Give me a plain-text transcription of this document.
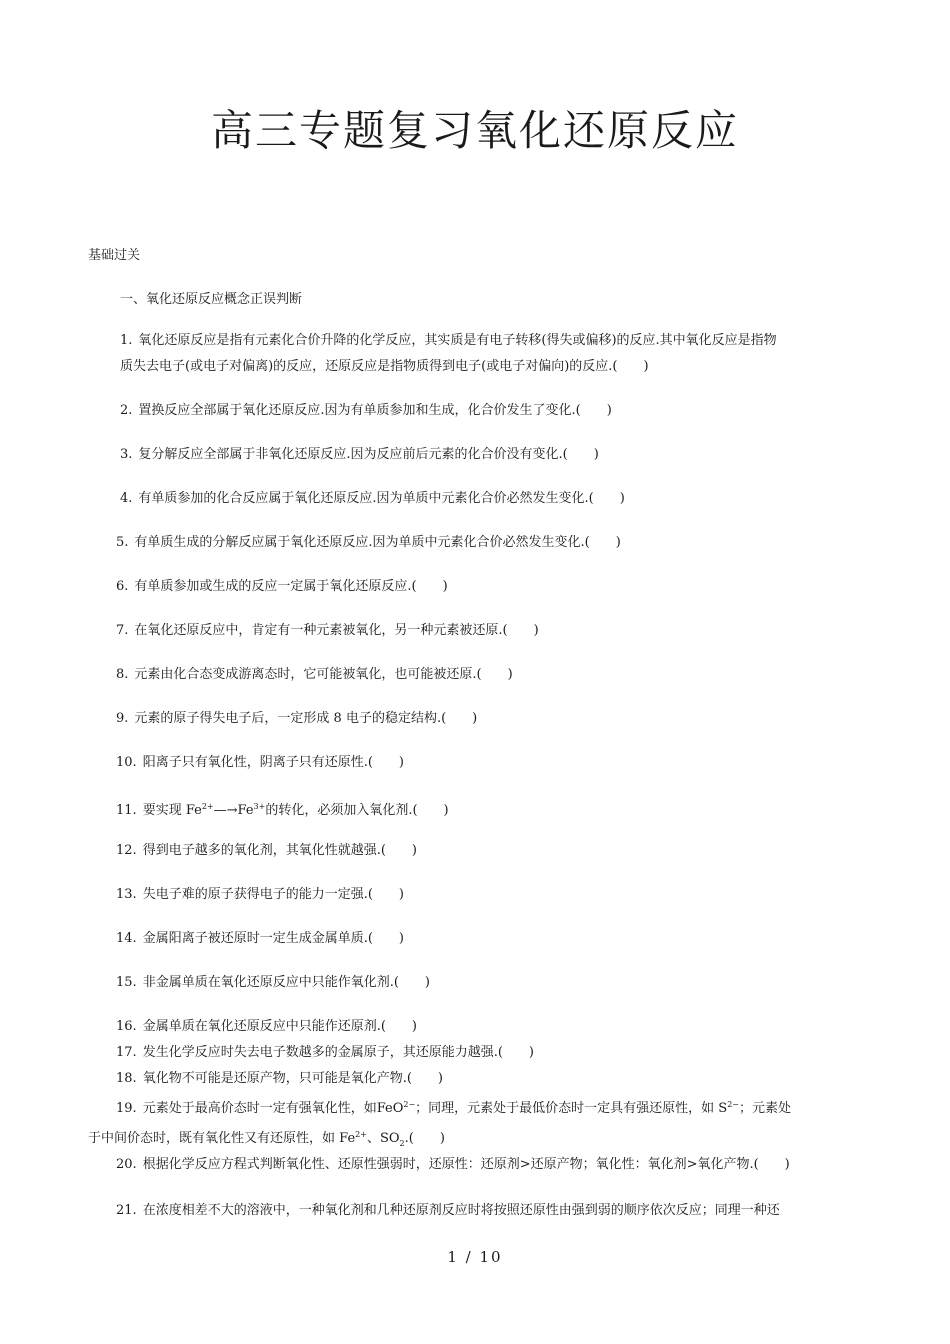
高三专题复习氧化还原反应
基础过关
一、氧化还原反应概念正误判断
1. 氧化还原反应是指有元素化合价升降的化学反应，其实质是有电子转移(得失或偏移)的反应.其中氧化反应是指物
质失去电子(或电子对偏离)的反应，还原反应是指物质得到电子(或电子对偏向)的反应.(　　)
2. 置换反应全部属于氧化还原反应.因为有单质参加和生成，化合价发生了变化.(　　)
3. 复分解反应全部属于非氧化还原反应.因为反应前后元素的化合价没有变化.(　　)
4. 有单质参加的化合反应属于氧化还原反应.因为单质中元素化合价必然发生变化.(　　)
5. 有单质生成的分解反应属于氧化还原反应.因为单质中元素化合价必然发生变化.(　　)
6. 有单质参加或生成的反应一定属于氧化还原反应.(　　)
7. 在氧化还原反应中，肯定有一种元素被氧化，另一种元素被还原.(　　)
8. 元素由化合态变成游离态时，它可能被氧化，也可能被还原.(　　)
9. 元素的原子得失电子后，一定形成 8 电子的稳定结构.(　　)
10. 阳离子只有氧化性，阴离子只有还原性.(　　)
11. 要实现 $Fe^{2+}—\to Fe^{3+}$的转化，必须加入氧化剂.(　　)
12. 得到电子越多的氧化剂，其氧化性就越强.(　　)
13. 失电子难的原子获得电子的能力一定强.(　　)
14. 金属阳离子被还原时一定生成金属单质.(　　)
15. 非金属单质在氧化还原反应中只能作氧化剂.(　　)
16. 金属单质在氧化还原反应中只能作还原剂.(　　)
17. 发生化学反应时失去电子数越多的金属原子，其还原能力越强.(　　)
18. 氧化物不可能是还原产物，只可能是氧化产物.(　　)
19. 元素处于最高价态时一定有强氧化性，如FeO$^{2-}$；同理，元素处于最低价态时一定具有强还原性，如 $S^{2-}$；元素处
于中间价态时，既有氧化性又有还原性，如 $Fe^{2+}$、$SO_2$.(　　)
20. 根据化学反应方程式判断氧化性、还原性强弱时，还原性：还原剂>还原产物；氧化性：氧化剂>氧化产物.(　　)
21. 在浓度相差不大的溶液中，一种氧化剂和几种还原剂反应时将按照还原性由强到弱的顺序依次反应；同理一种还
1 / 10
